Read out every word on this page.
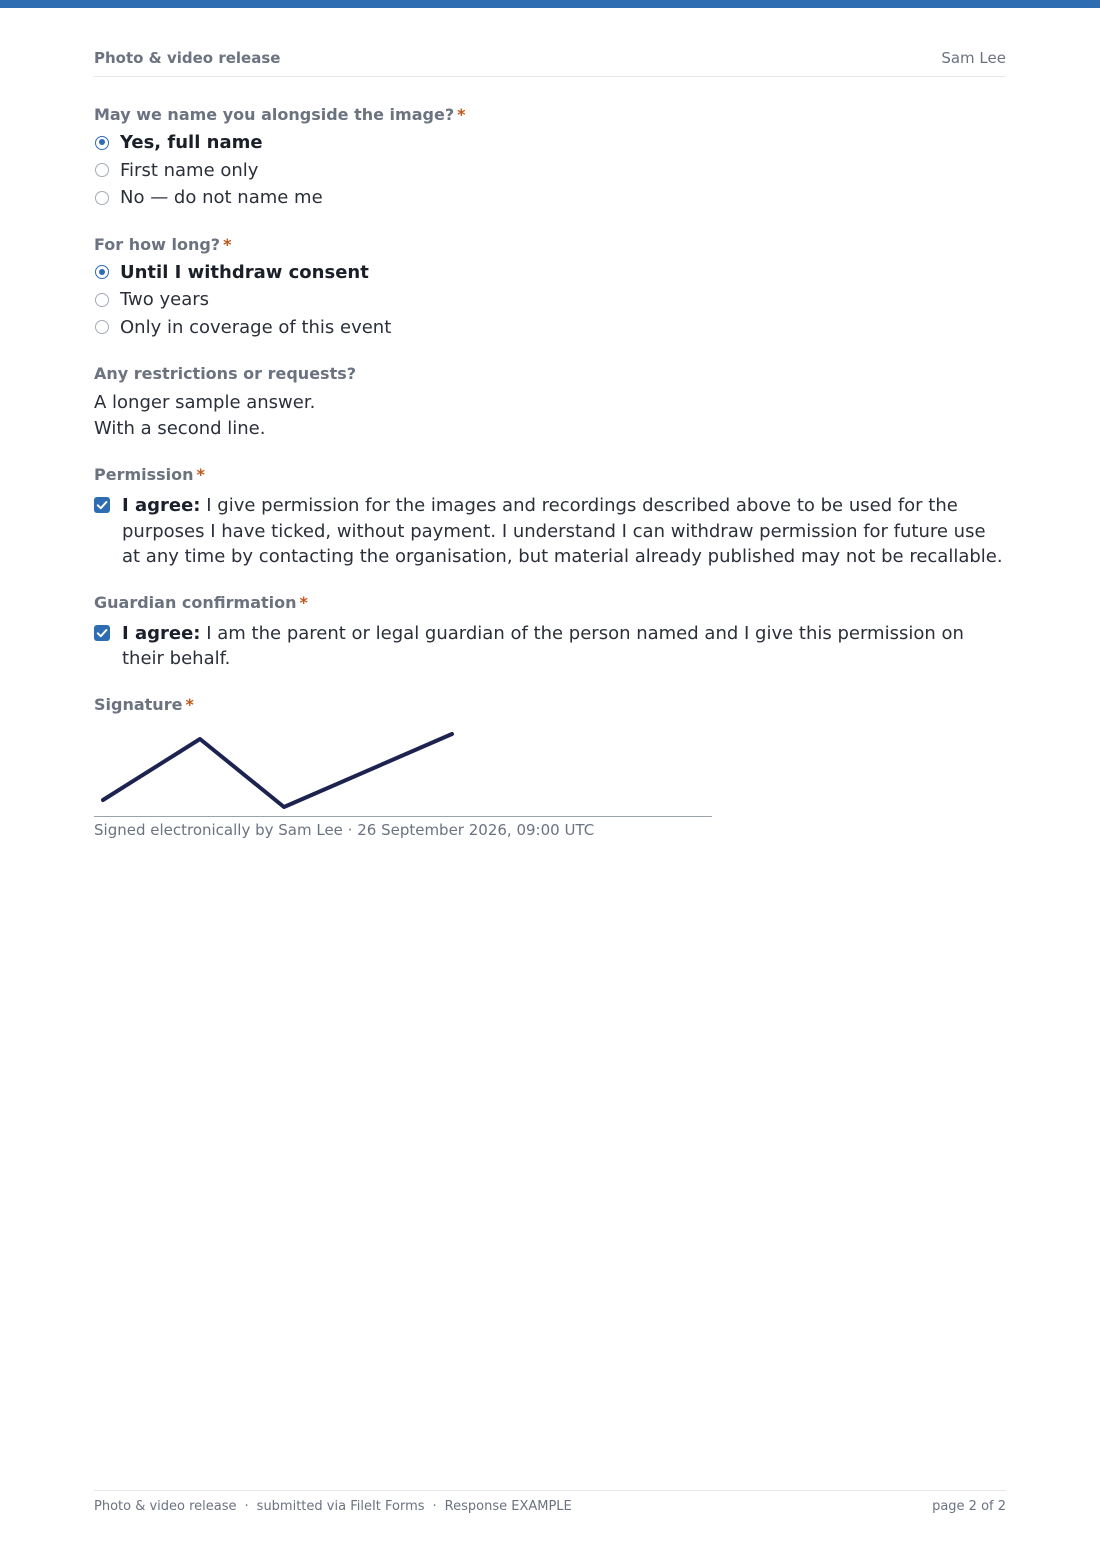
Photo & video release	Sam Lee

May we name you alongside the image? *

Yes, full name
First name only
No — do not name me

For how long? *

Until I withdraw consent
Two years
Only in coverage of this event

Any restrictions or requests?

A longer sample answer.
With a second line.

Permission *

I agree: I give permission for the images and recordings described above to be used for the purposes I have ticked, without payment. I understand I can withdraw permission for future use at any time by contacting the organisation, but material already published may not be recallable.

Guardian confirmation *

I agree: I am the parent or legal guardian of the person named and I give this permission on their behalf.

Signature *

Signed electronically by Sam Lee · 26 September 2026, 09:00 UTC
Photo & video release · submitted via FileIt Forms · Response EXAMPLE	page 2 of 2
